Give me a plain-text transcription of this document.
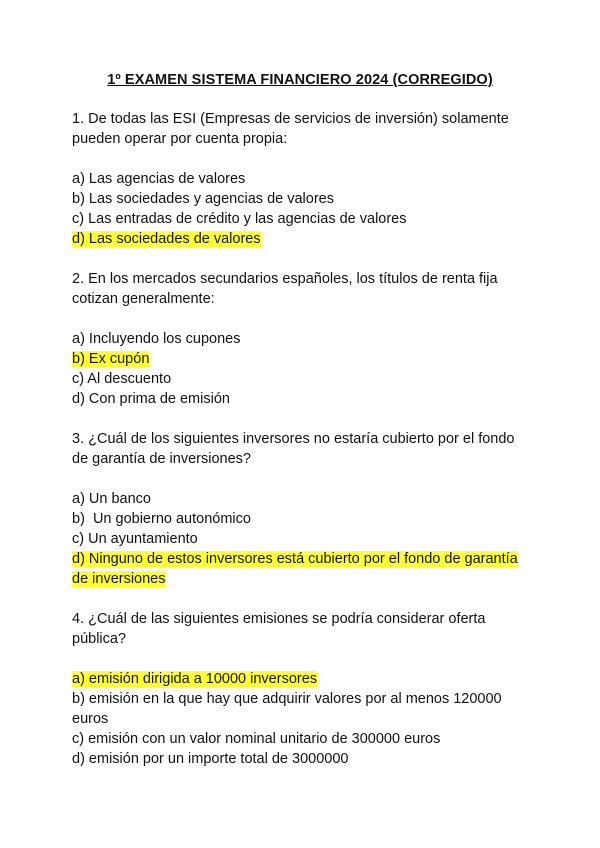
1º EXAMEN SISTEMA FINANCIERO 2024 (CORREGIDO)

1. De todas las ESI (Empresas de servicios de inversión) solamente pueden operar por cuenta propia:

a) Las agencias de valores
b) Las sociedades y agencias de valores
c) Las entradas de crédito y las agencias de valores
d) Las sociedades de valores

2. En los mercados secundarios españoles, los títulos de renta fija cotizan generalmente:

a) Incluyendo los cupones
b) Ex cupón
c) Al descuento
d) Con prima de emisión

3. ¿Cuál de los siguientes inversores no estaría cubierto por el fondo de garantía de inversiones?

a) Un banco
b)  Un gobierno autonómico
c) Un ayuntamiento
d) Ninguno de estos inversores está cubierto por el fondo de garantía de inversiones

4. ¿Cuál de las siguientes emisiones se podría considerar oferta pública?

a) emisión dirigida a 10000 inversores
b) emisión en la que hay que adquirir valores por al menos 120000 euros
c) emisión con un valor nominal unitario de 300000 euros
d) emisión por un importe total de 3000000
